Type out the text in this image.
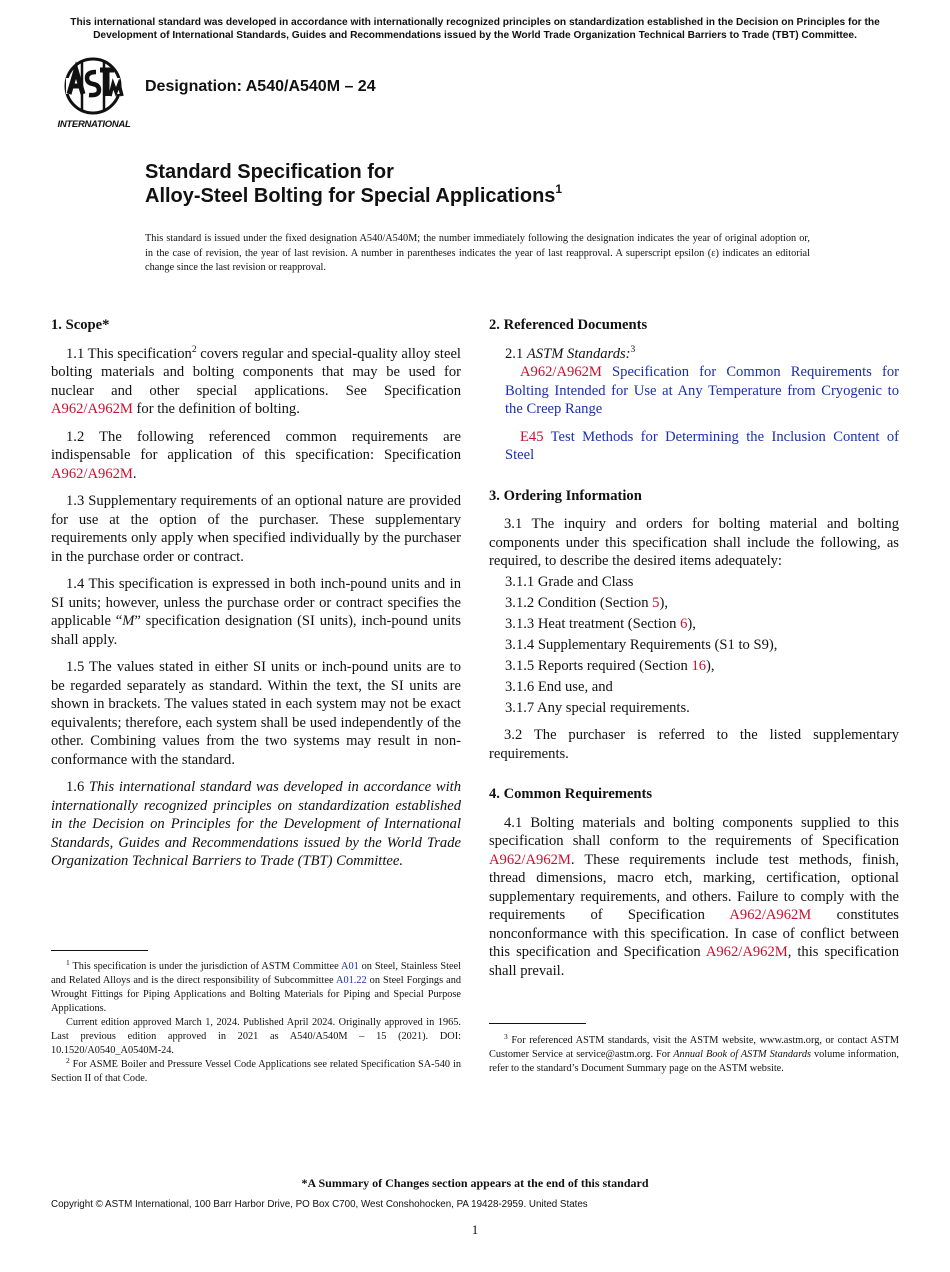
This international standard was developed in accordance with internationally recognized principles on standardization established in the Decision on Principles for the Development of International Standards, Guides and Recommendations issued by the World Trade Organization Technical Barriers to Trade (TBT) Committee.
INTERNATIONAL
Designation: A540/A540M – 24
Standard Specification for
Alloy-Steel Bolting for Special Applications$^1$
This standard is issued under the fixed designation A540/A540M; the number immediately following the designation indicates the year of original adoption or, in the case of revision, the year of last revision. A number in parentheses indicates the year of last reapproval. A superscript epsilon (ε) indicates an editorial change since the last revision or reapproval.
1. Scope*

1.1 This specification$^2$ covers regular and special-quality alloy steel bolting materials and bolting components that may be used for nuclear and other special applications. See Specification A962/A962M for the definition of bolting.

1.2 The following referenced common requirements are indispensable for application of this specification: Specification A962/A962M.

1.3 Supplementary requirements of an optional nature are provided for use at the option of the purchaser. These supplementary requirements only apply when specified individually by the purchaser in the purchase order or contract.

1.4 This specification is expressed in both inch-pound units and in SI units; however, unless the purchase order or contract specifies the applicable “M” specification designation (SI units), inch-pound units shall apply.

1.5 The values stated in either SI units or inch-pound units are to be regarded separately as standard. Within the text, the SI units are shown in brackets. The values stated in each system may not be exact equivalents; therefore, each system shall be used independently of the other. Combining values from the two systems may result in non-conformance with the standard.

1.6 This international standard was developed in accordance with internationally recognized principles on standardization established in the Decision on Principles for the Development of International Standards, Guides and Recommendations issued by the World Trade Organization Technical Barriers to Trade (TBT) Committee.

$^1$ This specification is under the jurisdiction of ASTM Committee A01 on Steel, Stainless Steel and Related Alloys and is the direct responsibility of Subcommittee A01.22 on Steel Forgings and Wrought Fittings for Piping Applications and Bolting Materials for Piping and Special Purpose Applications.

Current edition approved March 1, 2024. Published April 2024. Originally approved in 1965. Last previous edition approved in 2021 as A540/A540M – 15 (2021). DOI: 10.1520/A0540_A0540M-24.

$^2$ For ASME Boiler and Pressure Vessel Code Applications see related Specification SA-540 in Section II of that Code.

2. Referenced Documents
2.1 ASTM Standards:$^3$

A962/A962M Specification for Common Requirements for Bolting Intended for Use at Any Temperature from Cryogenic to the Creep Range

E45 Test Methods for Determining the Inclusion Content of Steel

3. Ordering Information

3.1 The inquiry and orders for bolting material and bolting components under this specification shall include the following, as required, to describe the desired items adequately:

3.1.1 Grade and Class
3.1.2 Condition (Section 5),
3.1.3 Heat treatment (Section 6),
3.1.4 Supplementary Requirements (S1 to S9),
3.1.5 Reports required (Section 16),
3.1.6 End use, and
3.1.7 Any special requirements.

3.2 The purchaser is referred to the listed supplementary requirements.

4. Common Requirements

4.1 Bolting materials and bolting components supplied to this specification shall conform to the requirements of Specification A962/A962M. These requirements include test methods, finish, thread dimensions, macro etch, marking, certification, optional supplementary requirements, and others. Failure to comply with the requirements of Specification A962/A962M constitutes nonconformance with this specification. In case of conflict between this specification and Specification A962/A962M, this specification shall prevail.

$^3$ For referenced ASTM standards, visit the ASTM website, www.astm.org, or contact ASTM Customer Service at service@astm.org. For Annual Book of ASTM Standards volume information, refer to the standard’s Document Summary page on the ASTM website.

*A Summary of Changes section appears at the end of this standard
Copyright © ASTM International, 100 Barr Harbor Drive, PO Box C700, West Conshohocken, PA 19428-2959. United States
1
